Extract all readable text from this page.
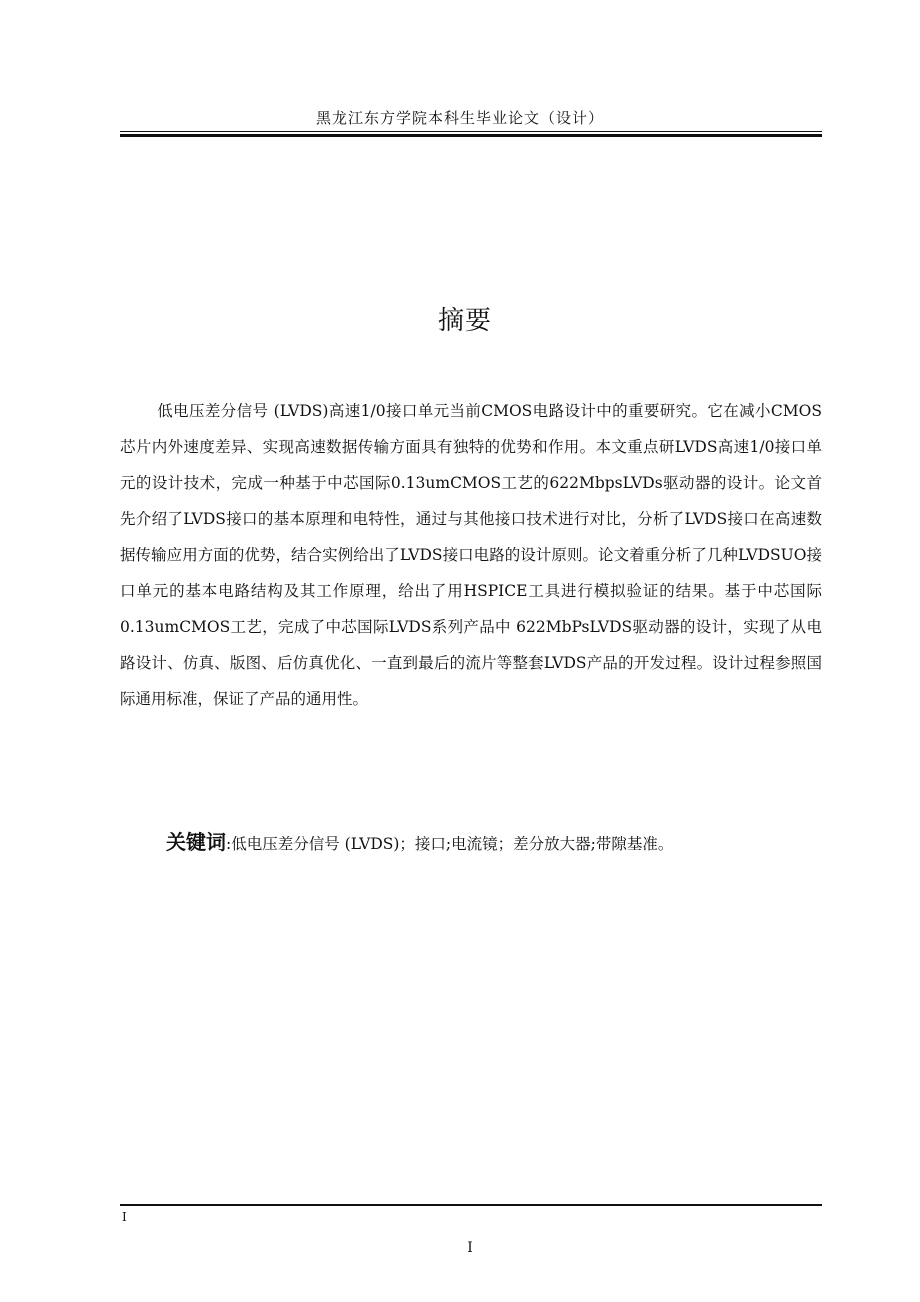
黑龙江东方学院本科生毕业论文（设计）
摘要

低电压差分信号 (LVDS)高速1/0接口单元当前CMOS电路设计中的重要研究。它在减小CMOS芯片内外速度差异、实现高速数据传输方面具有独特的优势和作用。本文重点研LVDS高速1/0接口单元的设计技术，完成一种基于中芯国际0.13umCMOS工艺的622MbpsLVDs驱动器的设计。论文首先介绍了LVDS接口的基本原理和电特性，通过与其他接口技术进行对比，分析了LVDS接口在高速数据传输应用方面的优势，结合实例给出了LVDS接口电路的设计原则。论文着重分析了几种LVDSUO接口单元的基本电路结构及其工作原理，给出了用HSPICE工具进行模拟验证的结果。基于中芯国际0.13umCMOS工艺，完成了中芯国际LVDS系列产品中 622MbPsLVDS驱动器的设计，实现了从电路设计、仿真、版图、后仿真优化、一直到最后的流片等整套LVDS产品的开发过程。设计过程参照国际通用标准，保证了产品的通用性。

关键词:低电压差分信号 (LVDS)；接口;电流镜；差分放大器;带隙基准。
I
I
